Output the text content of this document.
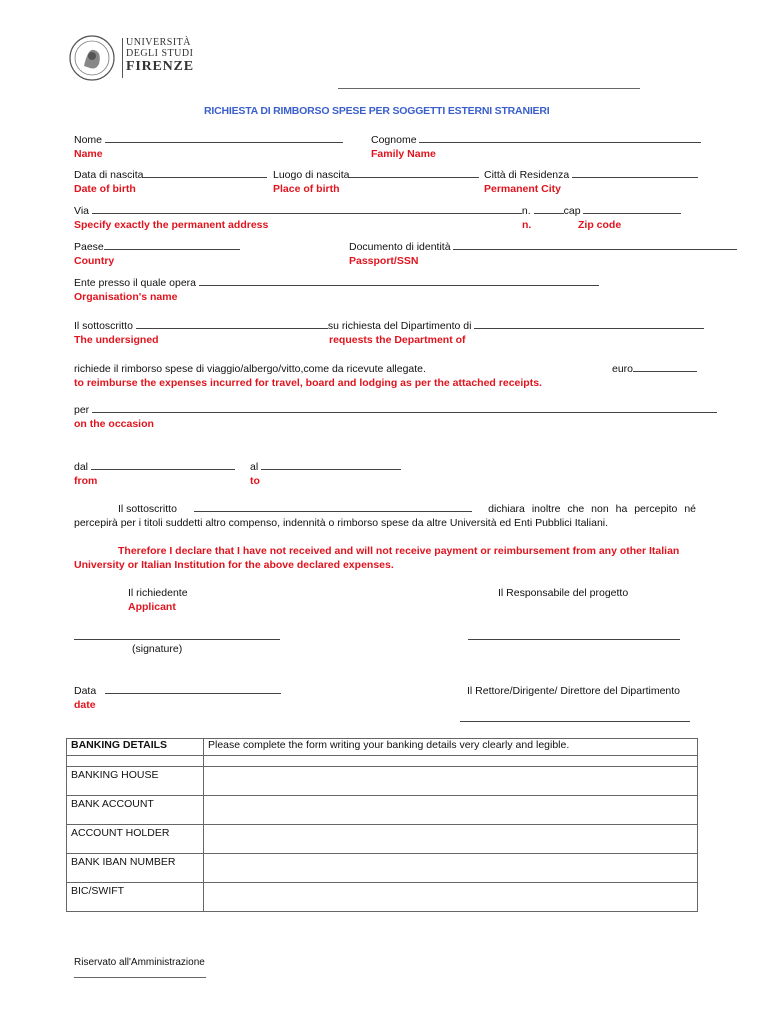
UNIVERSITÀ
DEGLI STUDI
FIRENZE
RICHIESTA DI RIMBORSO SPESE PER SOGGETTI ESTERNI STRANIERI
Nome
Name
Cognome
Family Name
Data di nascita
Date of birth
Luogo di nascita
Place of birth
Città di Residenza
Permanent City
Via	n.	cap
Specify exactly the permanent address	n.	Zip code
Paese
Country
Documento di identità
Passport/SSN
Ente presso il quale opera
Organisation's name
Il sottoscritto	su richiesta del Dipartimento di
The undersigned	requests the Department of
richiede il rimborso spese di viaggio/albergo/vitto,come da ricevute allegate.	euro
to reimburse the expenses incurred for travel, board and lodging as per the attached receipts.
per
on the occasion
dal
from
al
to
Il sottoscritto	dichiara inoltre che non ha percepito né
percepirà per i titoli suddetti altro compenso, indennità o rimborso spese da altre Università ed Enti Pubblici Italiani.
Therefore I declare that I have not received and will not receive payment or reimbursement from any other Italian
University or Italian Institution for the above declared expenses.
Il richiedente
Applicant
Il Responsabile del progetto
(signature)
Data
date
Il Rettore/Dirigente/ Direttore del Dipartimento
BANKING DETAILS	Please complete the form writing your banking details very clearly and legible.

BANKING HOUSE	

BANK ACCOUNT	

ACCOUNT HOLDER	

BANK IBAN NUMBER	

BIC/SWIFT	

Riservato all'Amministrazione
